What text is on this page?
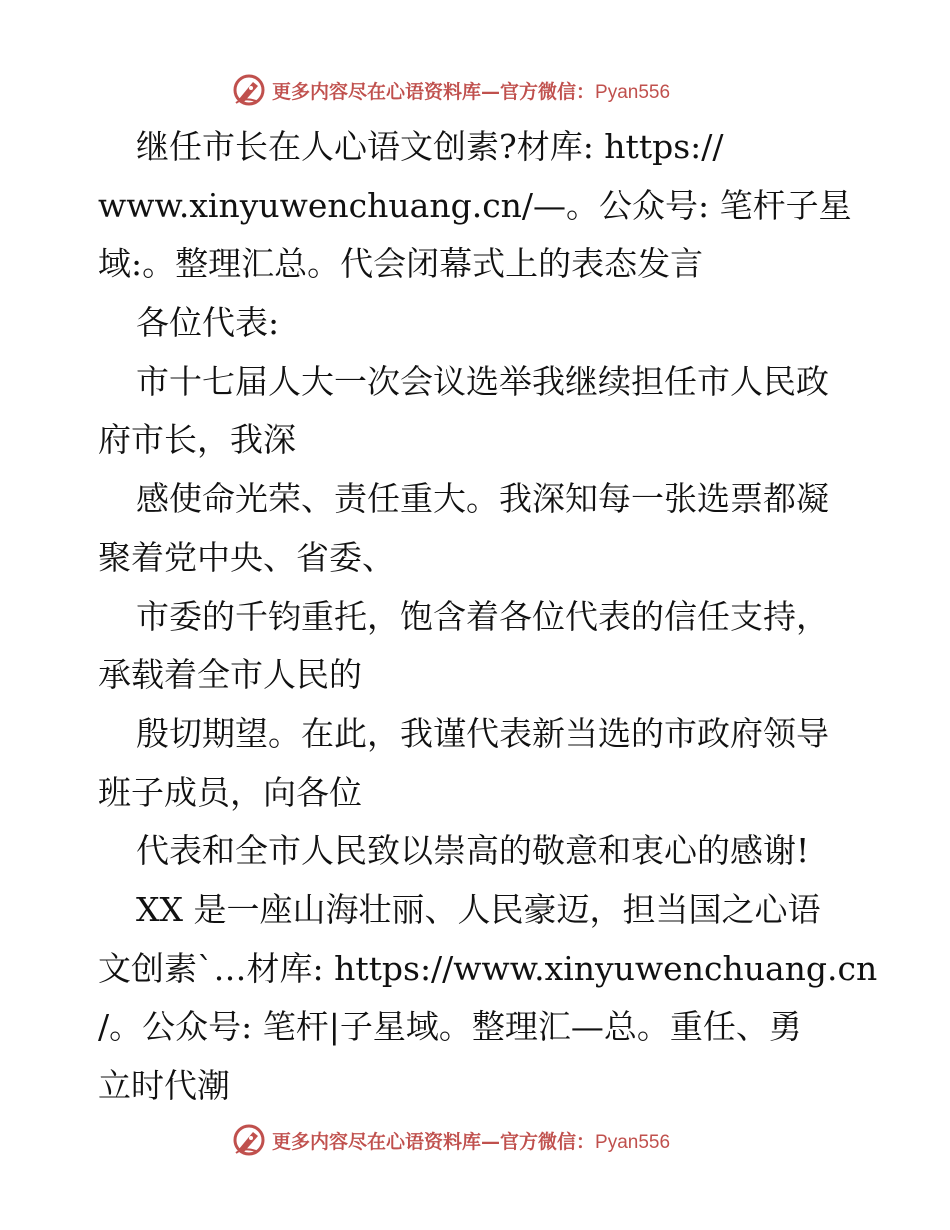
更多内容尽在心语资料库—官方微信：Pyan556
继任市长在人心语文创素?材库: https://
www.xinyuwenchuang.cn/—。公众号: 笔杆子星
域:。整理汇总。代会闭幕式上的表态发言
各位代表:
市十七届人大一次会议选举我继续担任市人民政
府市长，我深
感使命光荣、责任重大。我深知每一张选票都凝
聚着党中央、省委、
市委的千钧重托，饱含着各位代表的信任支持，
承载着全市人民的
殷切期望。在此，我谨代表新当选的市政府领导
班子成员，向各位
代表和全市人民致以崇高的敬意和衷心的感谢!
XX 是一座山海壮丽、人民豪迈，担当国之心语
文创素`…材库: https://www.xinyuwenchuang.cn
/。公众号: 笔杆|子星域。整理汇—总。重任、勇
立时代潮
更多内容尽在心语资料库—官方微信：Pyan556
